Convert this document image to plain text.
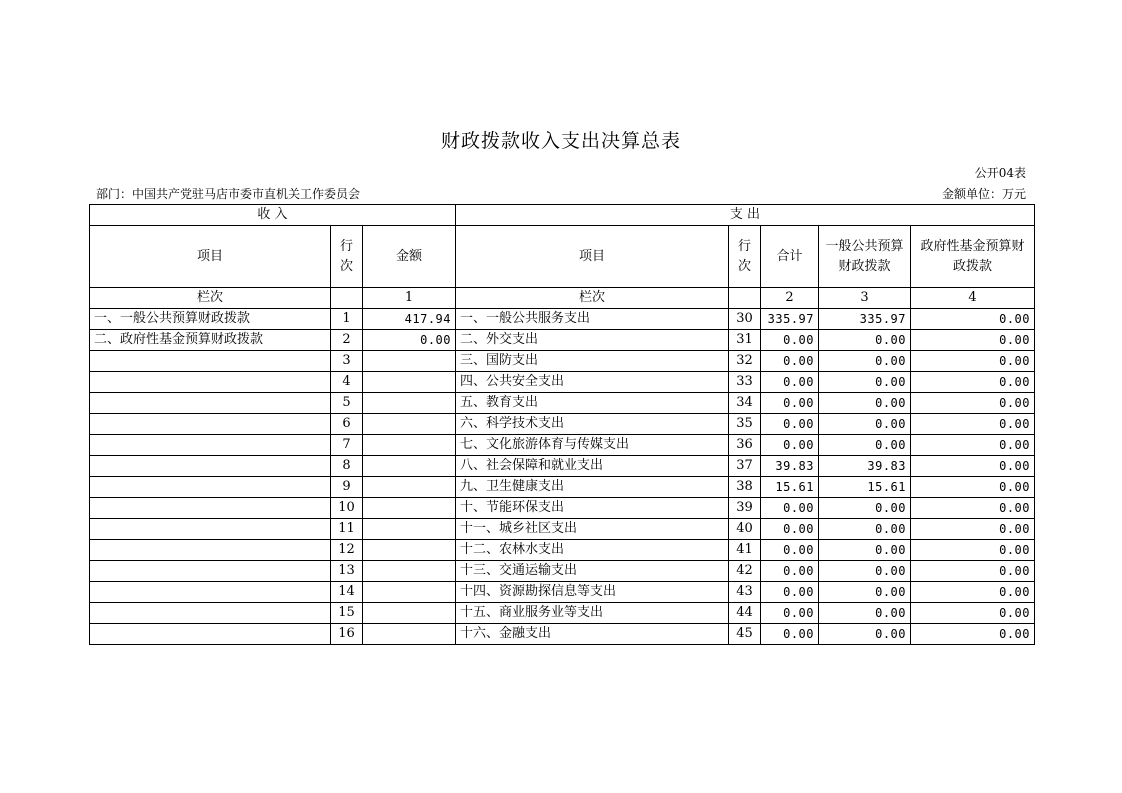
财政拨款收入支出决算总表
公开04表
部门：中国共产党驻马店市委市直机关工作委员会	金额单位：万元
收 入			支 出				
项目	行次	金额	项目	行次	合计	一般公共预算财政拨款	政府性基金预算财政拨款
栏次		1	栏次		2	3	4
一、一般公共预算财政拨款	1	417.94	一、一般公共服务支出	30	335.97	335.97	0.00
二、政府性基金预算财政拨款	2	0.00	二、外交支出	31	0.00	0.00	0.00
	3		三、国防支出	32	0.00	0.00	0.00
	4		四、公共安全支出	33	0.00	0.00	0.00
	5		五、教育支出	34	0.00	0.00	0.00
	6		六、科学技术支出	35	0.00	0.00	0.00
	7		七、文化旅游体育与传媒支出	36	0.00	0.00	0.00
	8		八、社会保障和就业支出	37	39.83	39.83	0.00
	9		九、卫生健康支出	38	15.61	15.61	0.00
	10		十、节能环保支出	39	0.00	0.00	0.00
	11		十一、城乡社区支出	40	0.00	0.00	0.00
	12		十二、农林水支出	41	0.00	0.00	0.00
	13		十三、交通运输支出	42	0.00	0.00	0.00
	14		十四、资源勘探信息等支出	43	0.00	0.00	0.00
	15		十五、商业服务业等支出	44	0.00	0.00	0.00
	16		十六、金融支出	45	0.00	0.00	0.00
